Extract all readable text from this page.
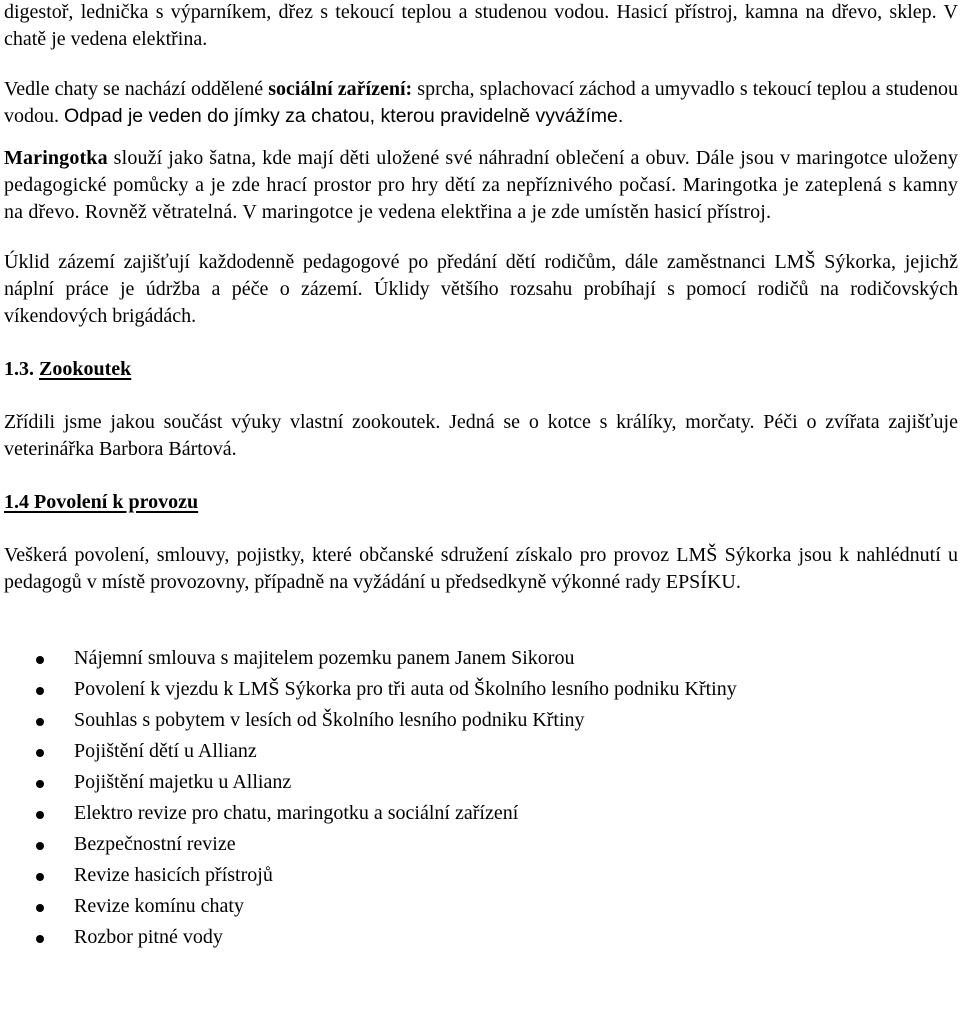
digestoř, lednička s výparníkem, dřez s tekoucí teplou a studenou vodou. Hasicí přístroj, kamna na dřevo, sklep. V chatě je vedena elektřina.

Vedle chaty se nachází oddělené sociální zařízení: sprcha, splachovací záchod a umyvadlo s tekoucí teplou a studenou vodou. Odpad je veden do jímky za chatou, kterou pravidelně vyvážíme.

Maringotka slouží jako šatna, kde mají děti uložené své náhradní oblečení a obuv. Dále jsou v maringotce uloženy pedagogické pomůcky a je zde hrací prostor pro hry dětí za nepříznivého počasí. Maringotka je zateplená s kamny na dřevo. Rovněž větratelná. V maringotce je vedena elektřina a je zde umístěn hasicí přístroj.

Úklid zázemí zajišťují každodenně pedagogové po předání dětí rodičům, dále zaměstnanci LMŠ Sýkorka, jejichž náplní práce je údržba a péče o zázemí. Úklidy většího rozsahu probíhají s pomocí rodičů na rodičovských víkendových brigádách.

1.3. Zookoutek

Zřídili jsme jakou součást výuky vlastní zookoutek. Jedná se o kotce s králíky, morčaty. Péči o zvířata zajišťuje veterinářka Barbora Bártová.

1.4 Povolení k provozu

Veškerá povolení, smlouvy, pojistky, které občanské sdružení získalo pro provoz LMŠ Sýkorka jsou k nahlédnutí u pedagogů v místě provozovny, případně na vyžádání u předsedkyně výkonné rady EPSÍKU.

Nájemní smlouva s majitelem pozemku panem Janem Sikorou
Povolení k vjezdu k LMŠ Sýkorka pro tři auta od Školního lesního podniku Křtiny
Souhlas s pobytem v lesích od Školního lesního podniku Křtiny
Pojištění dětí u Allianz
Pojištění majetku u Allianz
Elektro revize pro chatu, maringotku a sociální zařízení
Bezpečnostní revize
Revize hasicích přístrojů
Revize komínu chaty
Rozbor pitné vody
